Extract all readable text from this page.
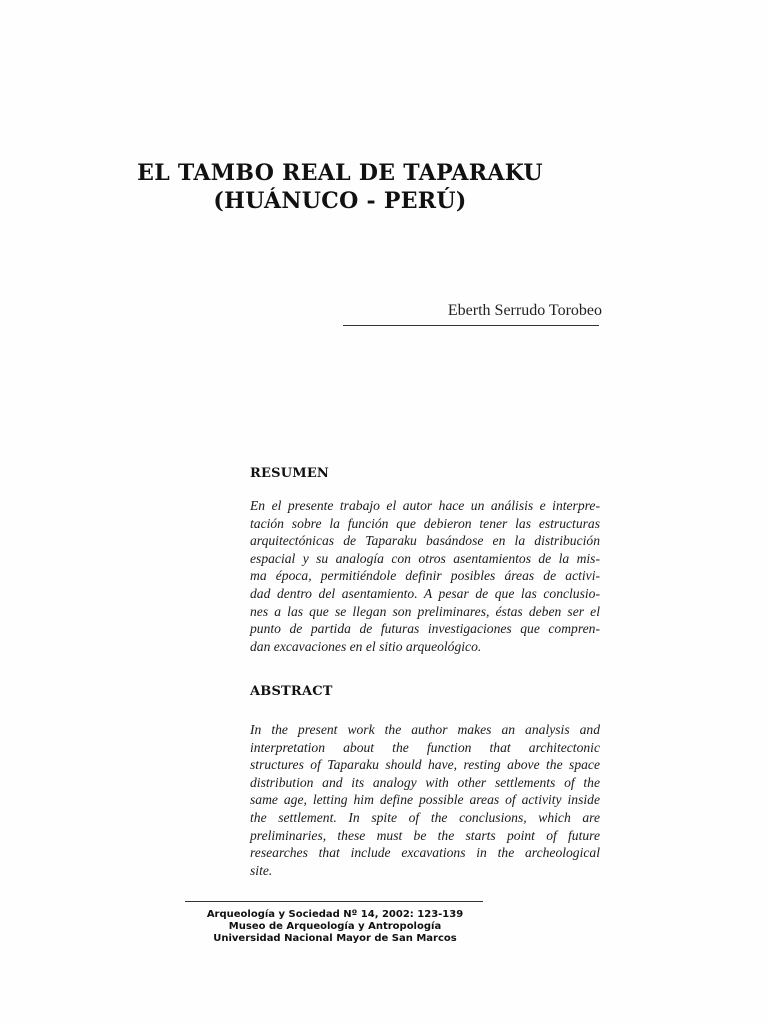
EL TAMBO REAL DE TAPARAKU
(HUÁNUCO - PERÚ)
Eberth Serrudo Torobeo
RESUMEN
En el presente trabajo el autor hace un análisis e interpre-
tación sobre la función que debieron tener las estructuras
arquitectónicas de Taparaku basándose en la distribución
espacial y su analogía con otros asentamientos de la mis-
ma época, permitiéndole definir posibles áreas de activi-
dad dentro del asentamiento. A pesar de que las conclusio-
nes a las que se llegan son preliminares, éstas deben ser el
punto de partida de futuras investigaciones que compren-
dan excavaciones en el sitio arqueológico.
ABSTRACT
In the present work the author makes an analysis and
interpretation about the function that architectonic
structures of Taparaku should have, resting above the space
distribution and its analogy with other settlements of the
same age, letting him define possible areas of activity inside
the settlement. In spite of the conclusions, which are
preliminaries, these must be the starts point of future
researches that include excavations in the archeological
site.
Arqueología y Sociedad Nº 14, 2002: 123-139
Museo de Arqueología y Antropología
Universidad Nacional Mayor de San Marcos
